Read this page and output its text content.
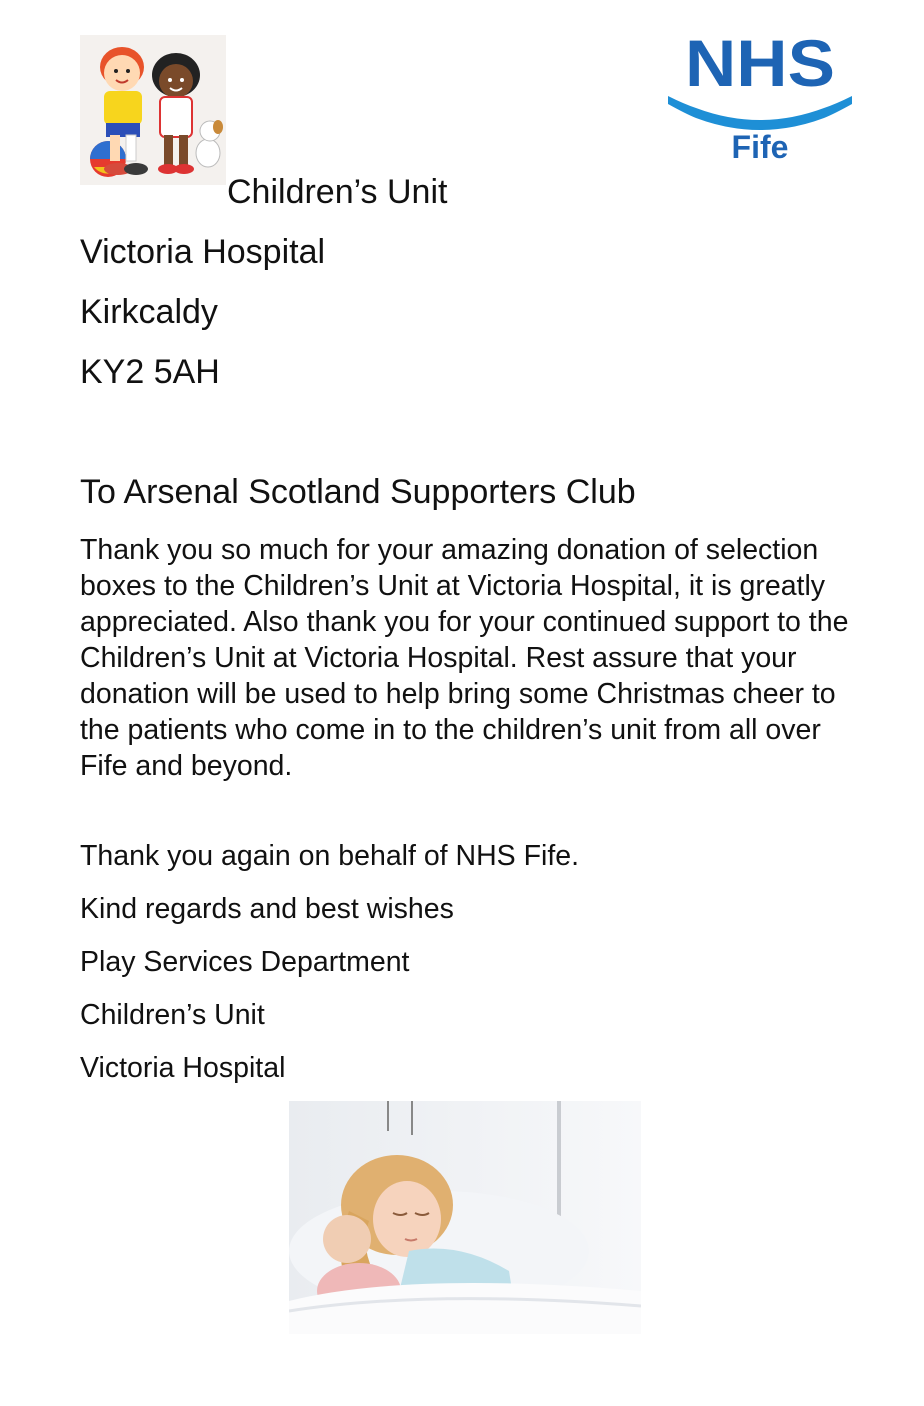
NHS
Fife
Children’s Unit
Victoria Hospital
Kirkcaldy
KY2 5AH
To Arsenal Scotland Supporters Club
Thank you so much for your amazing donation of selection boxes to the Children’s Unit at Victoria Hospital, it is greatly appreciated. Also thank you for your continued support to the Children’s Unit at Victoria Hospital. Rest assure that your donation will be used to help bring some Christmas cheer to the patients who come in to the children’s unit from all over Fife and beyond.
Thank you again on behalf of NHS Fife.
Kind regards and best wishes
Play Services Department
Children’s Unit
Victoria Hospital
